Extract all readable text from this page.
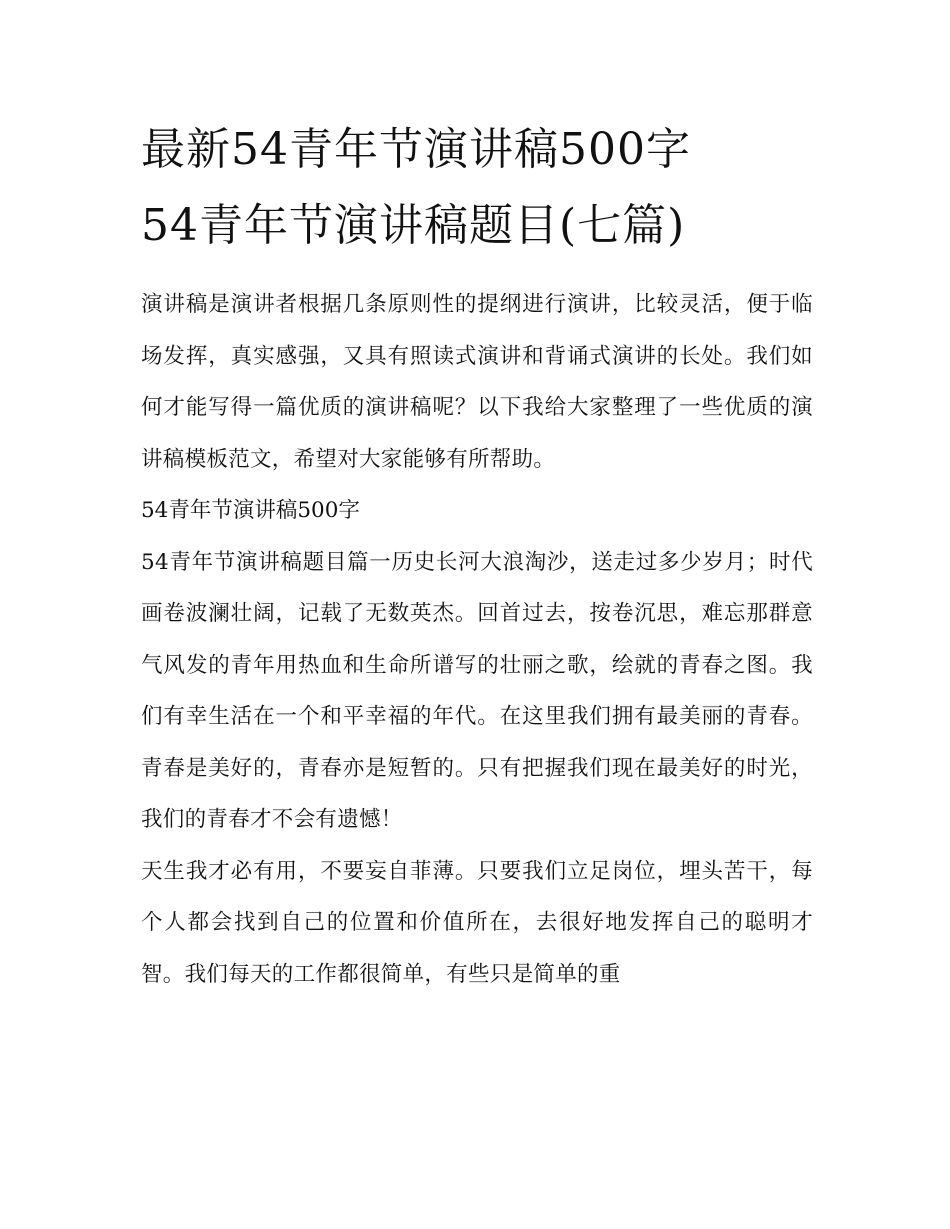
最新54青年节演讲稿500字
54青年节演讲稿题目(七篇)

演讲稿是演讲者根据几条原则性的提纲进行演讲，比较灵活，便于临场发挥，真实感强，又具有照读式演讲和背诵式演讲的长处。我们如何才能写得一篇优质的演讲稿呢？以下我给大家整理了一些优质的演讲稿模板范文，希望对大家能够有所帮助。

54青年节演讲稿500字

54青年节演讲稿题目篇一历史长河大浪淘沙，送走过多少岁月；时代画卷波澜壮阔，记载了无数英杰。回首过去，按卷沉思，难忘那群意气风发的青年用热血和生命所谱写的壮丽之歌，绘就的青春之图。我们有幸生活在一个和平幸福的年代。在这里我们拥有最美丽的青春。青春是美好的，青春亦是短暂的。只有把握我们现在最美好的时光，我们的青春才不会有遗憾！

天生我才必有用，不要妄自菲薄。只要我们立足岗位，埋头苦干，每个人都会找到自己的位置和价值所在，去很好地发挥自己的聪明才智。我们每天的工作都很简单，有些只是简单的重
